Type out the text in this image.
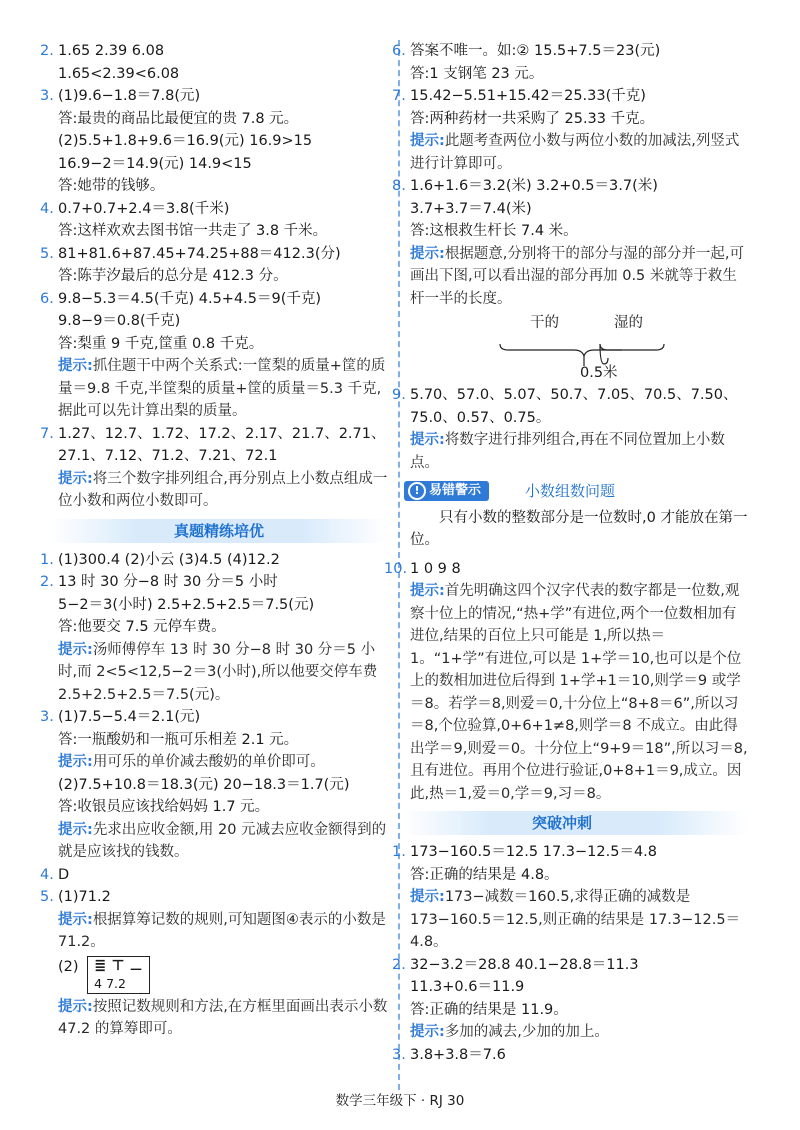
2. 1.65 2.39 6.08
1.65<2.39<6.08
3. (1)9.6−1.8＝7.8(元)
答:最贵的商品比最便宜的贵 7.8 元。
(2)5.5+1.8+9.6＝16.9(元) 16.9>15
16.9−2＝14.9(元) 14.9<15
答:她带的钱够。
4. 0.7+0.7+2.4＝3.8(千米)
答:这样欢欢去图书馆一共走了 3.8 千米。
5. 81+81.6+87.45+74.25+88＝412.3(分)
答:陈芋汐最后的总分是 412.3 分。
6. 9.8−5.3＝4.5(千克) 4.5+4.5＝9(千克)
9.8−9＝0.8(千克)
答:梨重 9 千克,筐重 0.8 千克。
提示:抓住题干中两个关系式:一筐梨的质量+筐的质量＝9.8 千克,半筐梨的质量+筐的质量＝5.3 千克,据此可以先计算出梨的质量。
7. 1.27、12.7、1.72、17.2、2.17、21.7、2.71、27.1、7.12、71.2、7.21、72.1
提示:将三个数字排列组合,再分别点上小数点组成一位小数和两位小数即可。
真题精练培优
1. (1)300.4 (2)小云 (3)4.5 (4)12.2
2. 13 时 30 分−8 时 30 分＝5 小时
5−2＝3(小时) 2.5+2.5+2.5＝7.5(元)
答:他要交 7.5 元停车费。
提示:汤师傅停车 13 时 30 分−8 时 30 分＝5 小时,而 2<5<12,5−2＝3(小时),所以他要交停车费 2.5+2.5+2.5＝7.5(元)。
3. (1)7.5−5.4＝2.1(元)
答:一瓶酸奶和一瓶可乐相差 2.1 元。
提示:用可乐的单价减去酸奶的单价即可。
(2)7.5+10.8＝18.3(元) 20−18.3＝1.7(元)
答:收银员应该找给妈妈 1.7 元。
提示:先求出应收金额,用 20 元减去应收金额得到的就是应该找的钱数。
4. D
5. (1)71.2
提示:根据算筹记数的规则,可知题图④表示的小数是 71.2。
(2) ≣ ⊤ ⚊
4 7.2
提示:按照记数规则和方法,在方框里面画出表示小数 47.2 的算筹即可。
6. 答案不唯一。如:② 15.5+7.5＝23(元)
答:1 支钢笔 23 元。
7. 15.42−5.51+15.42＝25.33(千克)
答:两种药材一共采购了 25.33 千克。
提示:此题考查两位小数与两位小数的加减法,列竖式进行计算即可。
8. 1.6+1.6＝3.2(米) 3.2+0.5＝3.7(米)
3.7+3.7＝7.4(米)
答:这根救生杆长 7.4 米。
提示:根据题意,分别将干的部分与湿的部分并一起,可画出下图,可以看出湿的部分再加 0.5 米就等于救生杆一半的长度。
干的	湿的
0.5米
9. 5.70、57.0、5.07、50.7、7.05、70.5、7.50、75.0、0.57、0.75。
提示:将数字进行排列组合,再在不同位置加上小数点。
! 易错警示	小数组数问题
只有小数的整数部分是一位数时,0 才能放在第一位。
10. 1 0 9 8
提示:首先明确这四个汉字代表的数字都是一位数,观察十位上的情况,“热+学”有进位,两个一位数相加有进位,结果的百位上只可能是 1,所以热＝1。“1+学”有进位,可以是 1+学＝10,也可以是个位上的数相加进位后得到 1+学+1＝10,则学＝9 或学＝8。若学＝8,则爱＝0,十分位上“8+8＝6”,所以习＝8,个位验算,0+6+1≠8,则学＝8 不成立。由此得出学＝9,则爱＝0。十分位上“9+9＝18”,所以习＝8,且有进位。再用个位进行验证,0+8+1＝9,成立。因此,热＝1,爱＝0,学＝9,习＝8。
突破冲刺
1. 173−160.5＝12.5 17.3−12.5＝4.8
答:正确的结果是 4.8。
提示:173−减数＝160.5,求得正确的减数是 173−160.5＝12.5,则正确的结果是 17.3−12.5＝4.8。
2. 32−3.2＝28.8 40.1−28.8＝11.3
11.3+0.6＝11.9
答:正确的结果是 11.9。
提示:多加的减去,少加的加上。
3. 3.8+3.8＝7.6
数学三年级下 · RJ 30
